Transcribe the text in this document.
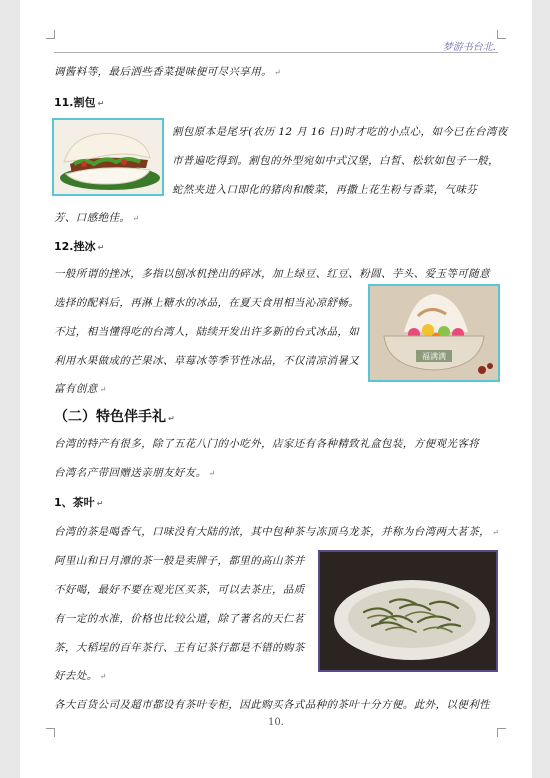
梦游书台北.
调酱料等，最后洒些香菜提味便可尽兴享用。 ↵
11.割包 ↵
割包原本是尾牙(农历 12 月 16 日)时才吃的小点心，如今已在台湾夜
市普遍吃得到。割包的外型宛如中式汉堡，白皙、松软如包子一般，
蛇然夹进入口即化的猪肉和酸菜，再撒上花生粉与香菜，气味芬
芳、口感绝佳。 ↵
12.挫冰 ↵
一般所谓的挫冰，多指以刨冰机挫出的碎冰，加上绿豆、红豆、粉圆、芋头、爱玉等可随意
选择的配料后，再淋上糖水的冰品，在夏天食用相当沁凉舒畅。
不过，相当懂得吃的台湾人，陆续开发出许多新的台式冰品，如
利用水果做成的芒果冰、草莓冰等季节性冰品，不仅清凉消暑又
富有创意 ↵
福满满
（二）特色伴手礼 ↵
台湾的特产有很多，除了五花八门的小吃外，店家还有各种精致礼盒包装，方便观光客将
台湾名产带回赠送亲朋友好友。 ↵
1、茶叶 ↵
台湾的茶是喝香气，口味没有大陆的浓，其中包种茶与冻顶乌龙茶，并称为台湾两大茗茶， ↵
阿里山和日月潭的茶一般是卖牌子，都里的高山茶并
不好喝，最好不要在观光区买茶，可以去茶庄，品质
有一定的水准，价格也比较公道，除了著名的天仁茗
茶，大稻埕的百年茶行、王有记茶行都是不错的购茶
好去处。 ↵
各大百货公司及超市都设有茶叶专柜，因此购买各式品种的茶叶十分方便。此外，以便利性
10.
